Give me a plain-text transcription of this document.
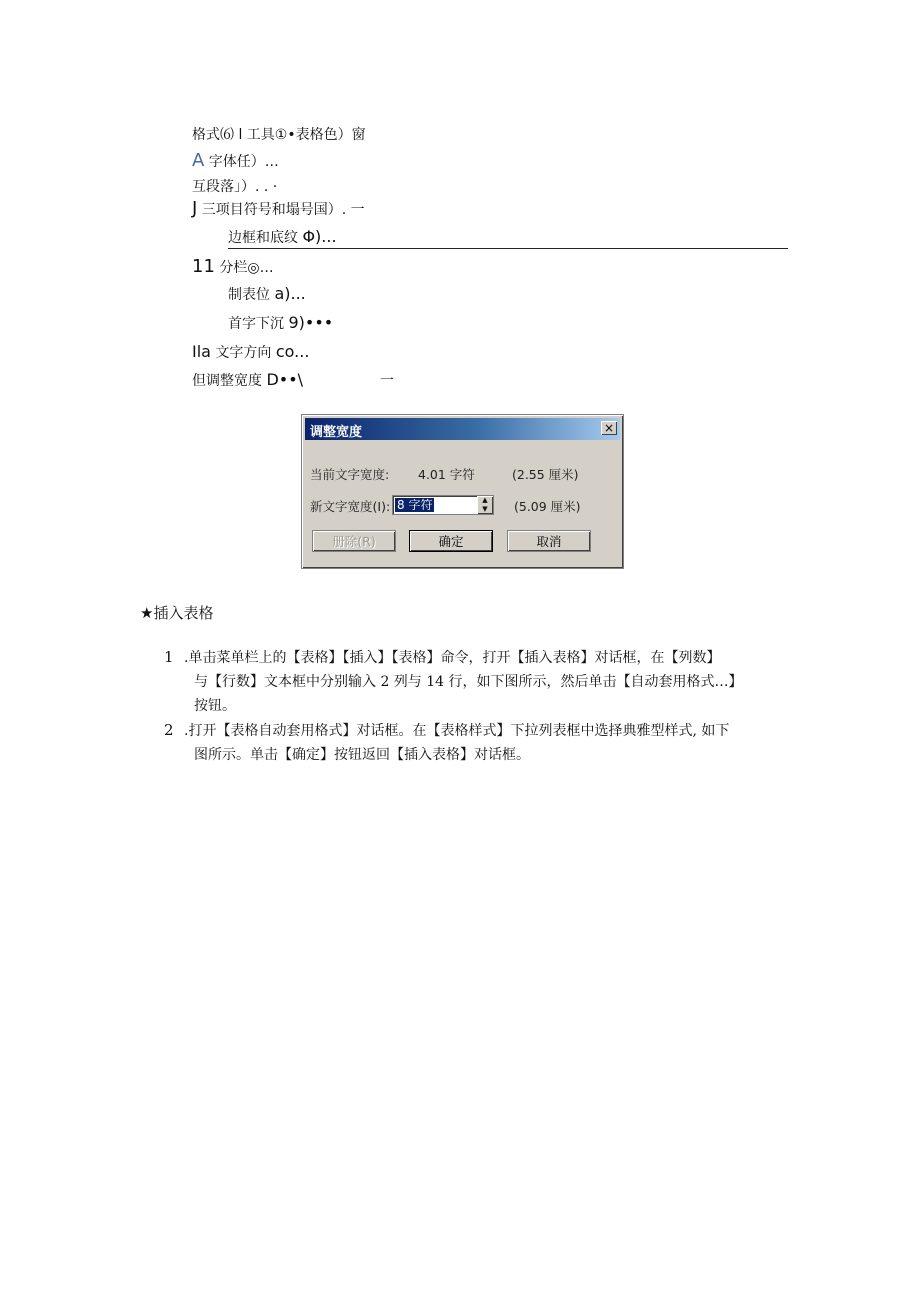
格式⑹ l 工具①•表格色）窗
A 字体任）…
互段落」）. . ·
J 三项目符号和塌号国）. 一
边框和底纹 Φ)...
11 分栏◎…
制表位 a)...
首字下沉 9)•••
Ila 文字方向 co...
但调整宽度 D••\	一
调整宽度	×
当前文字宽度: 4.01 字符	(2.55 厘米)
新文字宽度(I): 8 字符	▲
▼	(5.09 厘米)
册除(R)	确定	取消
★插入表格
1 .单击菜单栏上的【表格】【插入】【表格】命令，打开【插入表格】对话框，在【列数】
与【行数】文本框中分别输入 2 列与 14 行，如下图所示，然后单击【自动套用格式…】
按钮。
2 .打开【表格自动套用格式】对话框。在【表格样式】下拉列表框中选择典雅型样式, 如下
图所示。单击【确定】按钮返回【插入表格】对话框。
